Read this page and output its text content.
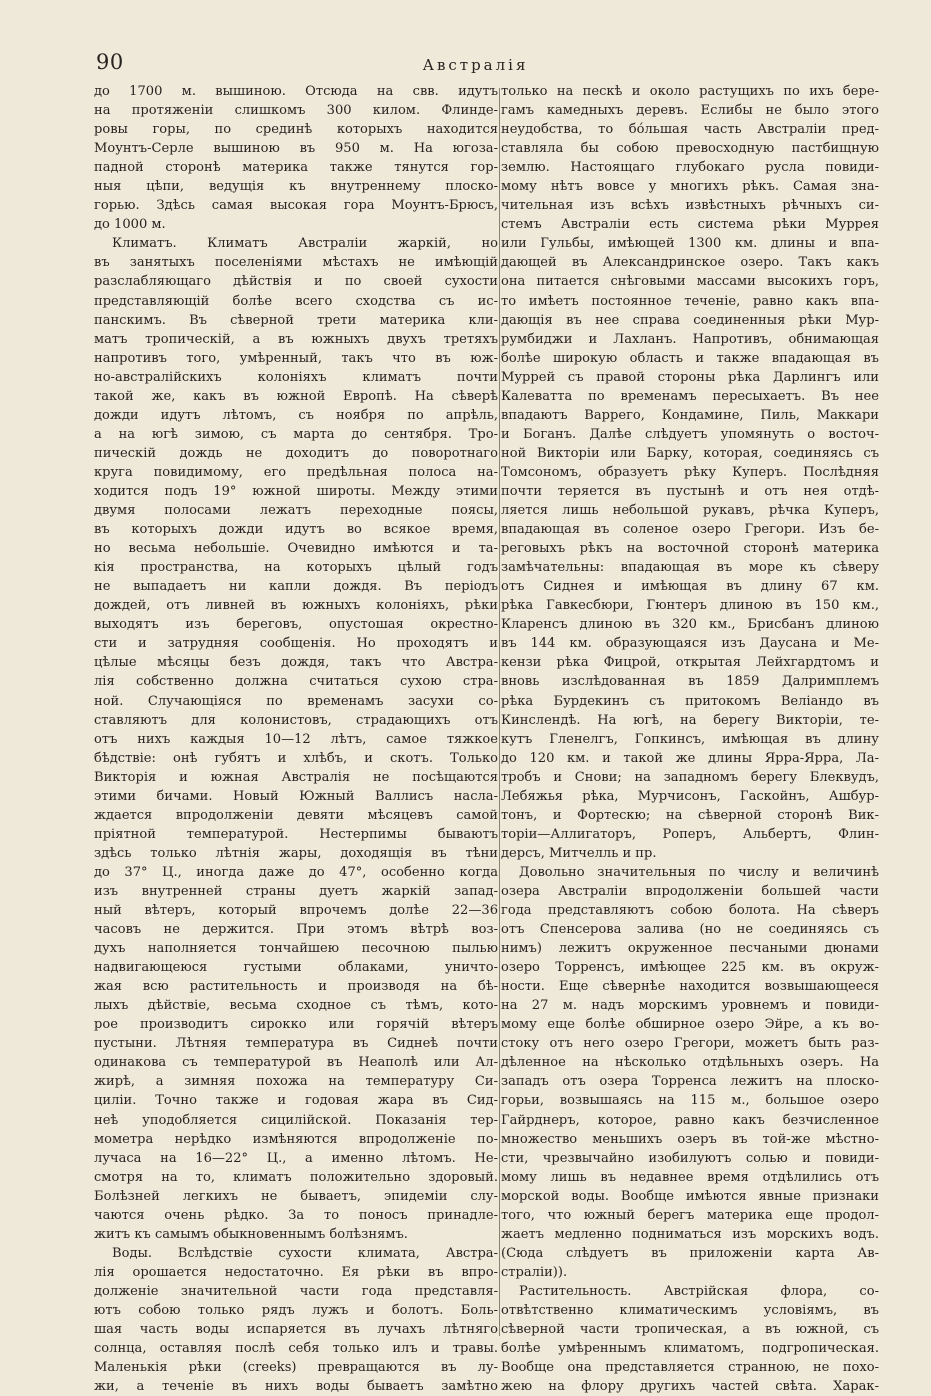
90	Австралія

до 1700 м. вышиною. Отсюда на свв. идутъ

на протяженіи слишкомъ 300 килом. Флинде-

ровы горы, по срединѣ которыхъ находится

Моунтъ-Серле вышиною въ 950 м. На югоза-

падной сторонѣ материка также тянутся гор-

ныя цѣпи, ведущія къ внутреннему плоско-

горью. Здѣсь самая высокая гора Моунтъ-Брюсъ,

до 1000 м.

Климатъ. Климатъ Австраліи жаркій, но

въ занятыхъ поселеніями мѣстахъ не имѣющій

разслабляющаго дѣйствія и по своей сухости

представляющій болѣе всего сходства съ ис-

панскимъ. Въ сѣверной трети материка кли-

матъ тропическій, а въ южныхъ двухъ третяхъ

напротивъ того, умѣренный, такъ что въ юж-

но-австралійскихъ колоніяхъ климатъ почти

такой же, какъ въ южной Европѣ. На сѣверѣ

дожди идутъ лѣтомъ, съ ноября по апрѣль,

а на югѣ зимою, съ марта до сентября. Тро-

пическій дождь не доходитъ до поворотнаго

круга повидимому, его предѣльная полоса на-

ходится подъ 19° южной широты. Между этими

двумя полосами лежатъ переходные поясы,

въ которыхъ дожди идутъ во всякое время,

но весьма небольшіе. Очевидно имѣются и та-

кія пространства, на которыхъ цѣлый годъ

не выпадаетъ ни капли дождя. Въ періодъ

дождей, отъ ливней въ южныхъ колоніяхъ, рѣки

выходятъ изъ береговъ, опустошая окрестно-

сти и затрудняя сообщенія. Но проходятъ и

цѣлые мѣсяцы безъ дождя, такъ что Австра-

лія собственно должна считаться сухою стра-

ной. Случающіяся по временамъ засухи со-

ставляютъ для колонистовъ, страдающихъ отъ

отъ нихъ каждыя 10—12 лѣтъ, самое тяжкое

бѣдствіе: онѣ губятъ и хлѣбъ, и скотъ. Только

Викторія и южная Австралія не посѣщаются

этими бичами. Новый Южный Валлисъ насла-

ждается впродолженіи девяти мѣсяцевъ самой

пріятной температурой. Нестерпимы бываютъ

здѣсь только лѣтнія жары, доходящія въ тѣни

до 37° Ц., иногда даже до 47°, особенно когда

изъ внутренней страны дуетъ жаркій запад-

ный вѣтеръ, который впрочемъ долѣе 22—36

часовъ не держится. При этомъ вѣтрѣ воз-

духъ наполняется тончайшею песочною пылью

надвигающеюся густыми облаками, уничто-

жая всю растительность и производя на бѣ-

лыхъ дѣйствіе, весьма сходное съ тѣмъ, кото-

рое производитъ сирокко или горячій вѣтеръ

пустыни. Лѣтняя температура въ Сиднеѣ почти

одинакова съ температурой въ Неаполѣ или Ал-

жирѣ, а зимняя похожа на температуру Си-

циліи. Точно также и годовая жара въ Сид-

неѣ уподобляется сицилійской. Показанія тер-

мометра нерѣдко измѣняются впродолженіе по-

лучаса на 16—22° Ц., а именно лѣтомъ. Не-

смотря на то, климатъ положительно здоровый.

Болѣзней легкихъ не бываетъ, эпидеміи слу-

чаются очень рѣдко. За то поносъ принадле-

житъ къ самымъ обыкновеннымъ болѣзнямъ.

Воды. Вслѣдствіе сухости климата, Австра-

лія орошается недостаточно. Ея рѣки въ впро-

долженіе значительной части года представля-

ютъ собою только рядъ лужъ и болотъ. Боль-

шая часть воды испаряется въ лучахъ лѣтняго

солнца, оставляя послѣ себя только илъ и травы.

Маленькія рѣки (creeks) превращаются въ лу-

жи, а теченіе въ нихъ воды бываетъ замѣтно

только на пескѣ и около растущихъ по ихъ бере-

гамъ камедныхъ деревъ. Еслибы не было этого

неудобства, то бо́льшая часть Австраліи пред-

ставляла бы собою превосходную пастбищную

землю. Настоящаго глубокаго русла повиди-

мому нѣтъ вовсе у многихъ рѣкъ. Самая зна-

чительная изъ всѣхъ извѣстныхъ рѣчныхъ си-

стемъ Австраліи есть система рѣки Муррея

или Гульбы, имѣющей 1300 км. длины и впа-

дающей въ Александринское озеро. Такъ какъ

она питается снѣговыми массами высокихъ горъ,

то имѣетъ постоянное теченіе, равно какъ впа-

дающія въ нее справа соединенныя рѣки Мур-

румбиджи и Лахланъ. Напротивъ, обнимающая

болѣе широкую область и также впадающая въ

Муррей съ правой стороны рѣка Дарлингъ или

Калеватта по временамъ пересыхаетъ. Въ нее

впадаютъ Варрего, Кондамине, Пиль, Маккари

и Боганъ. Далѣе слѣдуетъ упомянуть о восточ-

ной Викторіи или Барку, которая, соединяясь съ

Томсономъ, образуетъ рѣку Куперъ. Послѣдняя

почти теряется въ пустынѣ и отъ нея отдѣ-

ляется лишь небольшой рукавъ, рѣчка Куперъ,

впадающая въ соленое озеро Грегори. Изъ бе-

реговыхъ рѣкъ на восточной сторонѣ материка

замѣчательны: впадающая въ море къ сѣверу

отъ Сиднея и имѣющая въ длину 67 км.

рѣка Гавкесбюри, Гюнтеръ длиною въ 150 км.,

Кларенсъ длиною въ 320 км., Брисбанъ длиною

въ 144 км. образующаяся изъ Даусана и Ме-

кензи рѣка Фицрой, открытая Лейхгардтомъ и

вновь изслѣдованная въ 1859 Далримплемъ

рѣка Бурдекинъ съ притокомъ Веліандо въ

Кинслендѣ. На югѣ, на берегу Викторіи, те-

кутъ Гленелгъ, Гопкинсъ, имѣющая въ длину

до 120 км. и такой же длины Ярра-Ярра, Ла-

тробъ и Снови; на западномъ берегу Блеквудъ,

Лебяжья рѣка, Мурчисонъ, Гаскойнъ, Ашбур-

тонъ, и Фортескю; на сѣверной сторонѣ Вик-

торіи—Аллигаторъ, Роперъ, Альбертъ, Флин-

дерсъ, Митчелль и пр.

Довольно значительныя по числу и величинѣ

озера Австраліи впродолженіи большей части

года представляютъ собою болота. На сѣверъ

отъ Спенсерова залива (но не соединяясь съ

нимъ) лежитъ окруженное песчаными дюнами

озеро Торренсъ, имѣющее 225 км. въ окруж-

ности. Еще сѣвернѣе находится возвышающееся

на 27 м. надъ морскимъ уровнемъ и повиди-

мому еще болѣе обширное озеро Эйре, а къ во-

стоку отъ него озеро Грегори, можетъ быть раз-

дѣленное на нѣсколько отдѣльныхъ озеръ. На

западъ отъ озера Торренса лежитъ на плоско-

горьи, возвышаясь на 115 м., большое озеро

Гайрднеръ, которое, равно какъ безчисленное

множество меньшихъ озеръ въ той-же мѣстно-

сти, чрезвычайно изобилуютъ солью и повиди-

мому лишь въ недавнее время отдѣлились отъ

морской воды. Вообще имѣются явные признаки

того, что южный берегъ материка еще продол-

жаетъ медленно подниматься изъ морскихъ водъ.

(Сюда слѣдуетъ въ приложеніи карта Ав-

страліи)).

Растительность. Австрійская флора, со-

отвѣтственно климатическимъ условіямъ, въ

сѣверной части тропическая, а въ южной, съ

болѣе умѣреннымъ климатомъ, подгропическая.

Вообще она представляется странною, не похо-

жею на флору другихъ частей свѣта. Харак-
